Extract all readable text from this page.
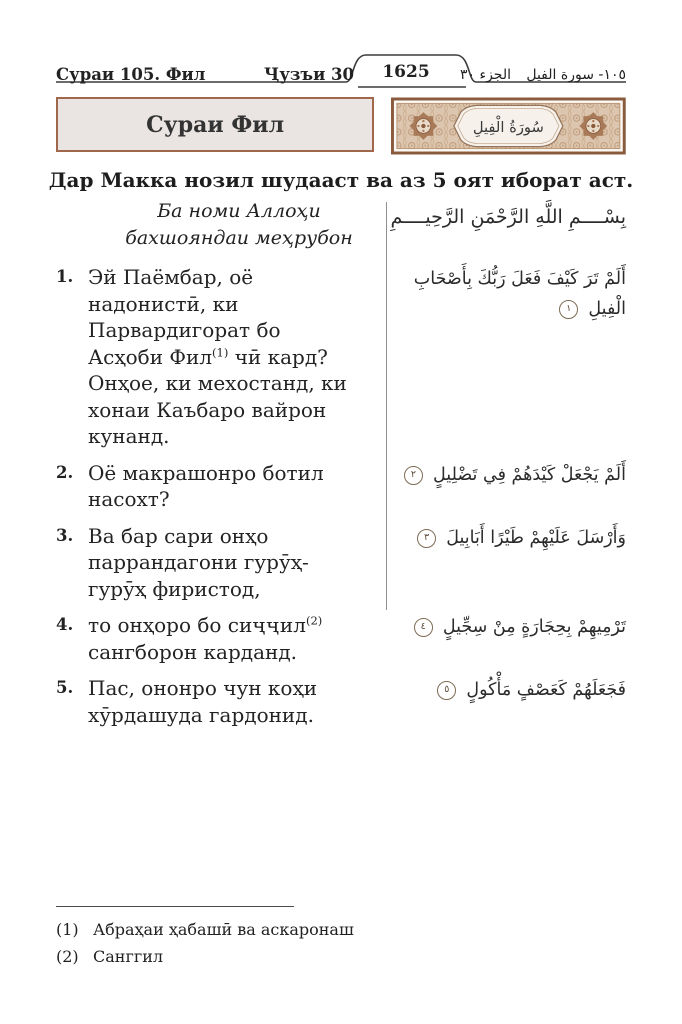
Сураи 105. Фил	Ҷузъи 30	1625	الجزء ٣٠ ١٠٥- سورة الفيل
Сураи Фил	سُورَةُ الْفِيلِ

Дар Макка нозил шудааст ва аз 5 оят иборат аст.

Ба номи Аллоҳи бахшояндаи меҳрубон
بِسْــــمِ اللَّهِ الرَّحْمَنِ الرَّحِيــــمِ
1. Эй Паёмбар, оё надонистӣ, ки Парвардигорат бо Асҳоби Фил$^{(1)}$ чӣ кард? Онҳое, ки мехостанд, ки хонаи Каъбаро вайрон кунанд.

أَلَمْ تَرَ كَيْفَ فَعَلَ رَبُّكَ بِأَصْحَابِ الْفِيلِ ١
2. Оё макрашонро ботил насохт?

أَلَمْ يَجْعَلْ كَيْدَهُمْ فِي تَضْلِيلٍ ٢
3. Ва бар сари онҳо паррандагони гурӯҳ-гурӯҳ фиристод,

وَأَرْسَلَ عَلَيْهِمْ طَيْرًا أَبَابِيلَ ٣
4. то онҳоро бо сиҷҷил$^{(2)}$ сангборон карданд.

تَرْمِيهِمْ بِحِجَارَةٍ مِنْ سِجِّيلٍ ٤
5. Пас, ононро чун коҳи хӯрдашуда гардонид.

فَجَعَلَهُمْ كَعَصْفٍ مَأْكُولٍ ٥
(1) Абраҳаи ҳабашӣ ва аскаронаш
(2) Санггил
